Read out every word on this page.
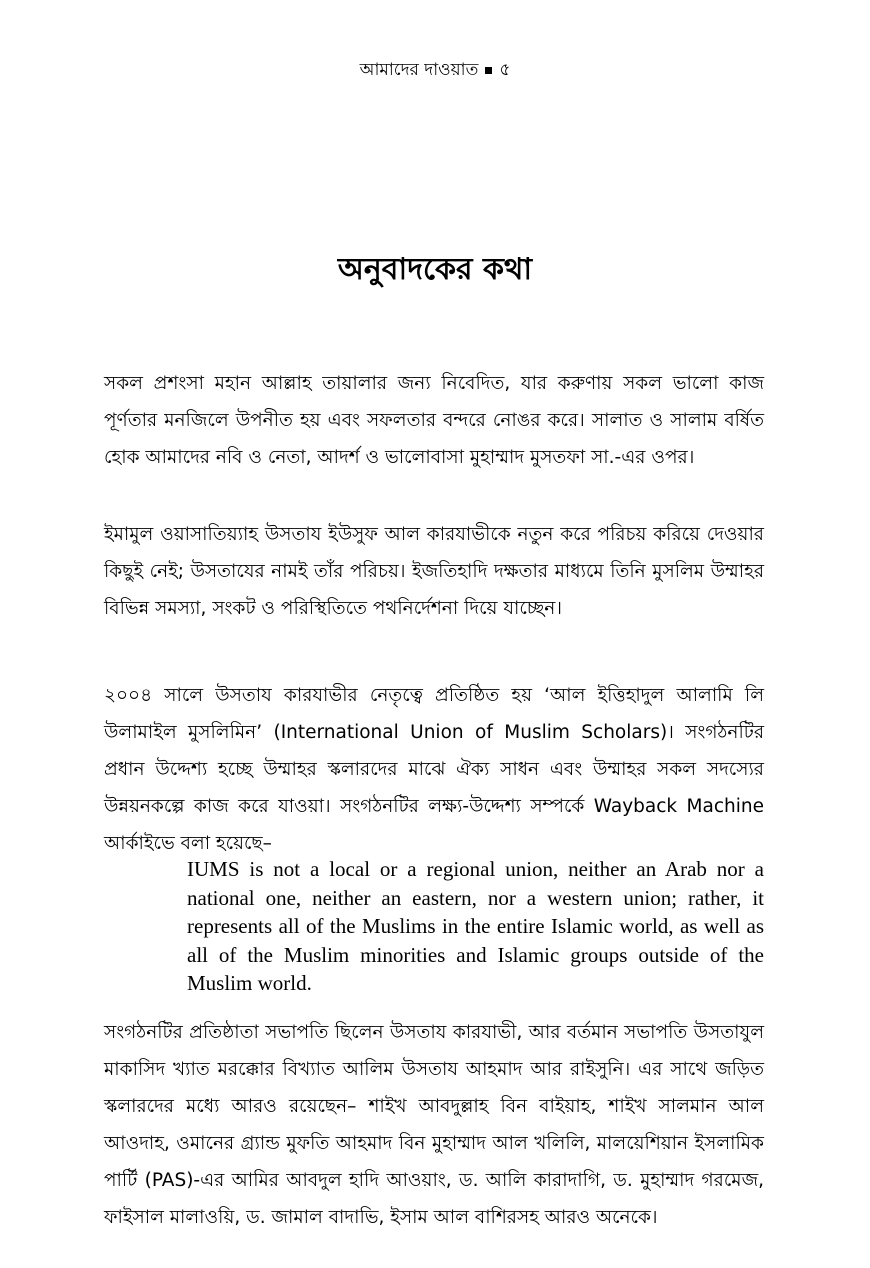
আমাদের দাওয়াত ৫
অনুবাদকের কথা

সকল প্রশংসা মহান আল্লাহ তায়ালার জন্য নিবেদিত, যার করুণায় সকল ভালো কাজ পূর্ণতার মনজিলে উপনীত হয় এবং সফলতার বন্দরে নোঙর করে। সালাত ও সালাম বর্ষিত হোক আমাদের নবি ও নেতা, আদর্শ ও ভালোবাসা মুহাম্মাদ মুসতফা সা.-এর ওপর।

ইমামুল ওয়াসাতিয়্যাহ উসতায ইউসুফ আল কারযাভীকে নতুন করে পরিচয় করিয়ে দেওয়ার কিছুই নেই; উসতাযের নামই তাঁর পরিচয়। ইজতিহাদি দক্ষতার মাধ্যমে তিনি মুসলিম উম্মাহর বিভিন্ন সমস্যা, সংকট ও পরিস্থিতিতে পথনির্দেশনা দিয়ে যাচ্ছেন।

২০০৪ সালে উসতায কারযাভীর নেতৃত্বে প্রতিষ্ঠিত হয় ‘আল ইত্তিহাদুল আলামি লি উলামাইল মুসলিমিন’ (International Union of Muslim Scholars)। সংগঠনটির প্রধান উদ্দেশ্য হচ্ছে উম্মাহর স্কলারদের মাঝে ঐক্য সাধন এবং উম্মাহর সকল সদস্যের উন্নয়নকল্পে কাজ করে যাওয়া। সংগঠনটির লক্ষ্য-উদ্দেশ্য সম্পর্কে Wayback Machine আর্কাইভে বলা হয়েছে–

IUMS is not a local or a regional union, neither an Arab nor a national one, neither an eastern, nor a western union; rather, it represents all of the Muslims in the entire Islamic world, as well as all of the Muslim minorities and Islamic groups outside of the Muslim world.

সংগঠনটির প্রতিষ্ঠাতা সভাপতি ছিলেন উসতায কারযাভী, আর বর্তমান সভাপতি উসতাযুল মাকাসিদ খ্যাত মরক্কোর বিখ্যাত আলিম উসতায আহমাদ আর রাইসুনি। এর সাথে জড়িত স্কলারদের মধ্যে আরও রয়েছেন– শাইখ আবদুল্লাহ বিন বাইয়াহ, শাইখ সালমান আল আওদাহ, ওমানের গ্র্যান্ড মুফতি আহমাদ বিন মুহাম্মাদ আল খলিলি, মালয়েশিয়ান ইসলামিক পার্টি (PAS)-এর আমির আবদুল হাদি আওয়াং, ড. আলি কারাদাগি, ড. মুহাম্মাদ গরমেজ, ফাইসাল মালাওয়ি, ড. জামাল বাদাভি, ইসাম আল বাশিরসহ আরও অনেকে।
